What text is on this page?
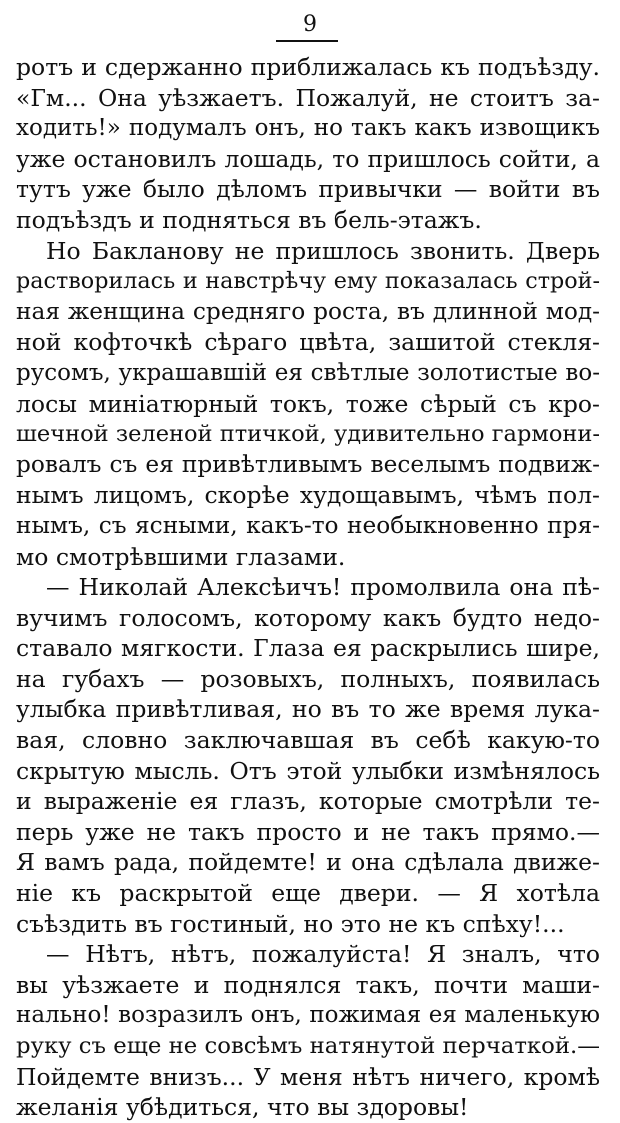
9
ротъ и сдержанно приближалась къ подъѣзду.
«Гм... Она уѣзжаетъ. Пожалуй, не стоитъ за-
ходить!» подумалъ онъ, но такъ какъ извощикъ
уже остановилъ лошадь, то пришлось сойти, а
тутъ уже было дѣломъ привычки — войти въ
подъѣздъ и подняться въ бель-этажъ.
Но Бакланову не пришлось звонить. Дверь
растворилась и навстрѣчу ему показалась строй-
ная женщина средняго роста, въ длинной мод-
ной кофточкѣ сѣраго цвѣта, зашитой стекля-
русомъ, украшавшій ея свѣтлые золотистые во-
лосы миніатюрный токъ, тоже сѣрый съ кро-
шечной зеленой птичкой, удивительно гармони-
ровалъ съ ея привѣтливымъ веселымъ подвиж-
нымъ лицомъ, скорѣе худощавымъ, чѣмъ пол-
нымъ, съ ясными, какъ-то необыкновенно пря-
мо смотрѣвшими глазами.
— Николай Алексѣичъ! промолвила она пѣ-
вучимъ голосомъ, которому какъ будто недо-
ставало мягкости. Глаза ея раскрылись шире,
на губахъ — розовыхъ, полныхъ, появилась
улыбка привѣтливая, но въ то же время лука-
вая, словно заключавшая въ себѣ какую-то
скрытую мысль. Отъ этой улыбки измѣнялось
и выраженіе ея глазъ, которые смотрѣли те-
перь уже не такъ просто и не такъ прямо.—
Я вамъ рада, пойдемте! и она сдѣлала движе-
ніе къ раскрытой еще двери. — Я хотѣла
съѣздить въ гостиный, но это не къ спѣху!...
— Нѣтъ, нѣтъ, пожалуйста! Я зналъ, что
вы уѣзжаете и поднялся такъ, почти маши-
нально! возразилъ онъ, пожимая ея маленькую
руку съ еще не совсѣмъ натянутой перчаткой.—
Пойдемте внизъ... У меня нѣтъ ничего, кромѣ
желанія убѣдиться, что вы здоровы!
